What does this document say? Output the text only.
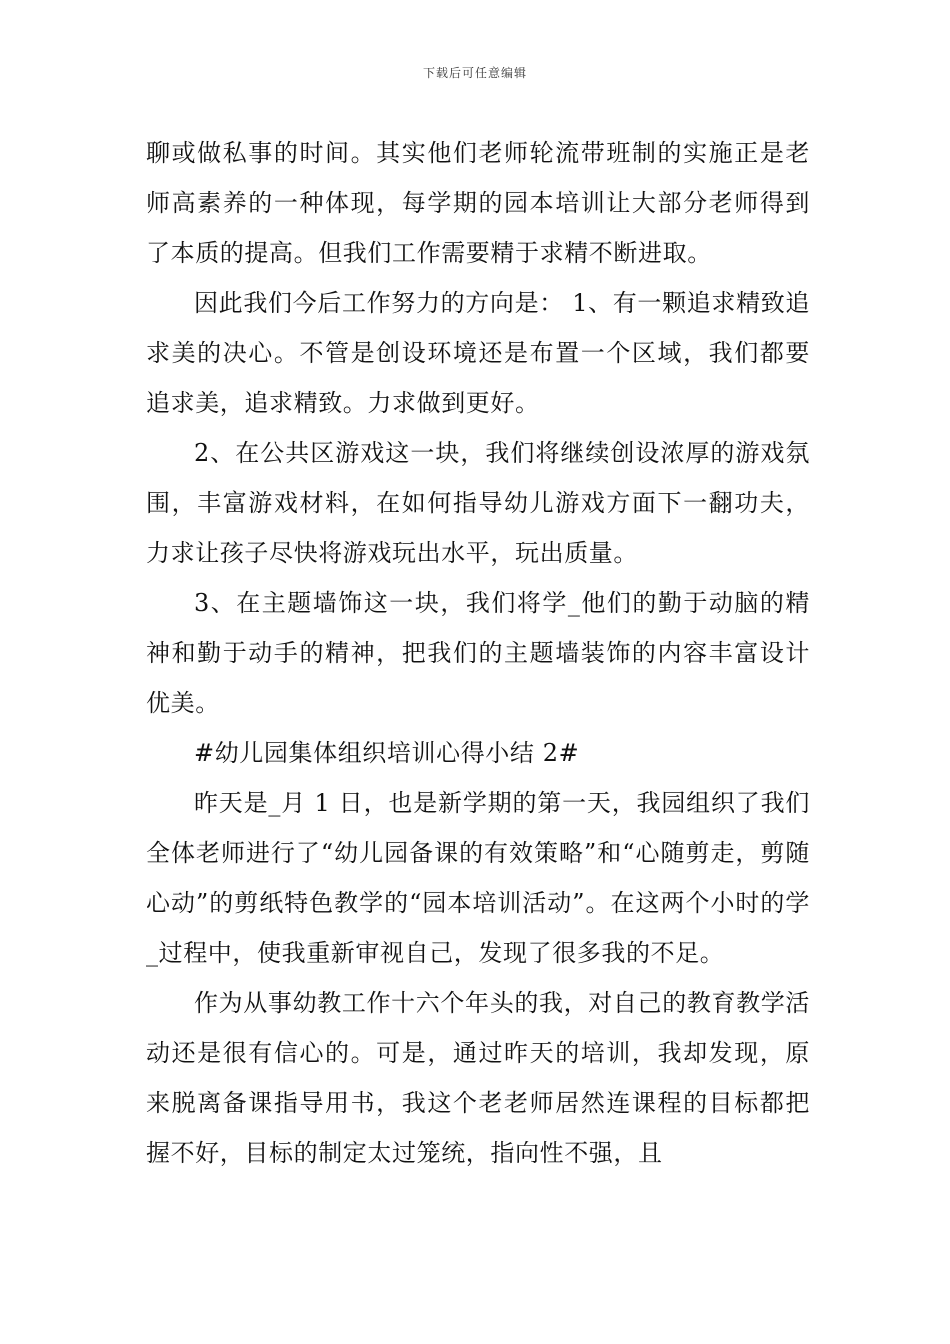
下载后可任意编辑

聊或做私事的时间。其实他们老师轮流带班制的实施正是老师高素养的一种体现，每学期的园本培训让大部分老师得到了本质的提高。但我们工作需要精于求精不断进取。

因此我们今后工作努力的方向是： 1、有一颗追求精致追求美的决心。不管是创设环境还是布置一个区域，我们都要追求美，追求精致。力求做到更好。

2、在公共区游戏这一块，我们将继续创设浓厚的游戏氛围，丰富游戏材料，在如何指导幼儿游戏方面下一翻功夫，力求让孩子尽快将游戏玩出水平，玩出质量。

3、在主题墙饰这一块，我们将学_他们的勤于动脑的精神和勤于动手的精神，把我们的主题墙装饰的内容丰富设计优美。

#幼儿园集体组织培训心得小结 2#

昨天是_月 1 日，也是新学期的第一天，我园组织了我们全体老师进行了“幼儿园备课的有效策略”和“心随剪走，剪随心动”的剪纸特色教学的“园本培训活动”。在这两个小时的学_过程中，使我重新审视自己，发现了很多我的不足。

作为从事幼教工作十六个年头的我，对自己的教育教学活动还是很有信心的。可是，通过昨天的培训，我却发现，原来脱离备课指导用书，我这个老老师居然连课程的目标都把握不好，目标的制定太过笼统，指向性不强，且
